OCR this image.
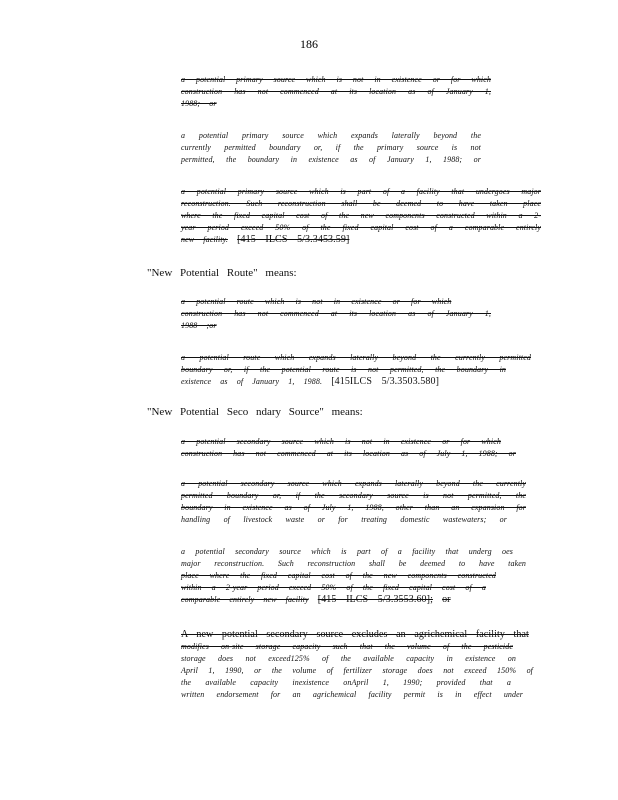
186
a potential primary source which is not in existence or for which
construction has not commenced at its location as of January 1,
1988; or
a potential primary source which expands laterally beyond the
currently permitted boundary or, if the primary source is not
permitted, the boundary in existence as of January 1, 1988; or
a potential primary source which is part of a facility that undergoes major
reconstruction. Such reconstruction shall be deemed to have taken place
where the fixed capital cost of the new components constructed within a 2-
year period exceed 50% of the fixed capital cost of a comparable entirely
new facility. [415 ILCS 5/3.3453.59]
"New Potential Route" means:
a potential route which is not in existence or for which
construction has not commenced at its location as of January 1,
1988 ;or
a potential route which expands laterally beyond the currently permitted
boundary or, if the potential route is not permitted, the boundary in
existence as of January 1, 1988. [415ILCS 5/3.3503.580]
"New Potential Seco ndary Source" means:
a potential secondary source which is not in existence or for which
construction has not commenced at its location as of July 1, 1988; or
a potential secondary source which expands laterally beyond the currently
permitted boundary or, if the secondary source is not permitted, the
boundary in existence as of July 1, 1988, other than an expansion for
handling of livestock waste or for treating domestic wastewaters; or
a potential secondary source which is part of a facility that underg oes
major reconstruction. Such reconstruction shall be deemed to have taken
place where the fixed capital cost of the new components constructed
within a 2-year period exceed 50% of the fixed capital cost of a
comparable entirely new facility [415 ILCS 5/3.3553.60]; or
A new potential secondary source excludes an agrichemical facility that
modifies on-site storage capacity such that the volume of the pesticide
storage does not exceed125% of the available capacity in existence on
April 1, 1990, or the volume of fertilizer storage does not exceed 150% of
the available capacity inexistence onApril 1, 1990; provided that a
written endorsement for an agrichemical facility permit is in effect under
